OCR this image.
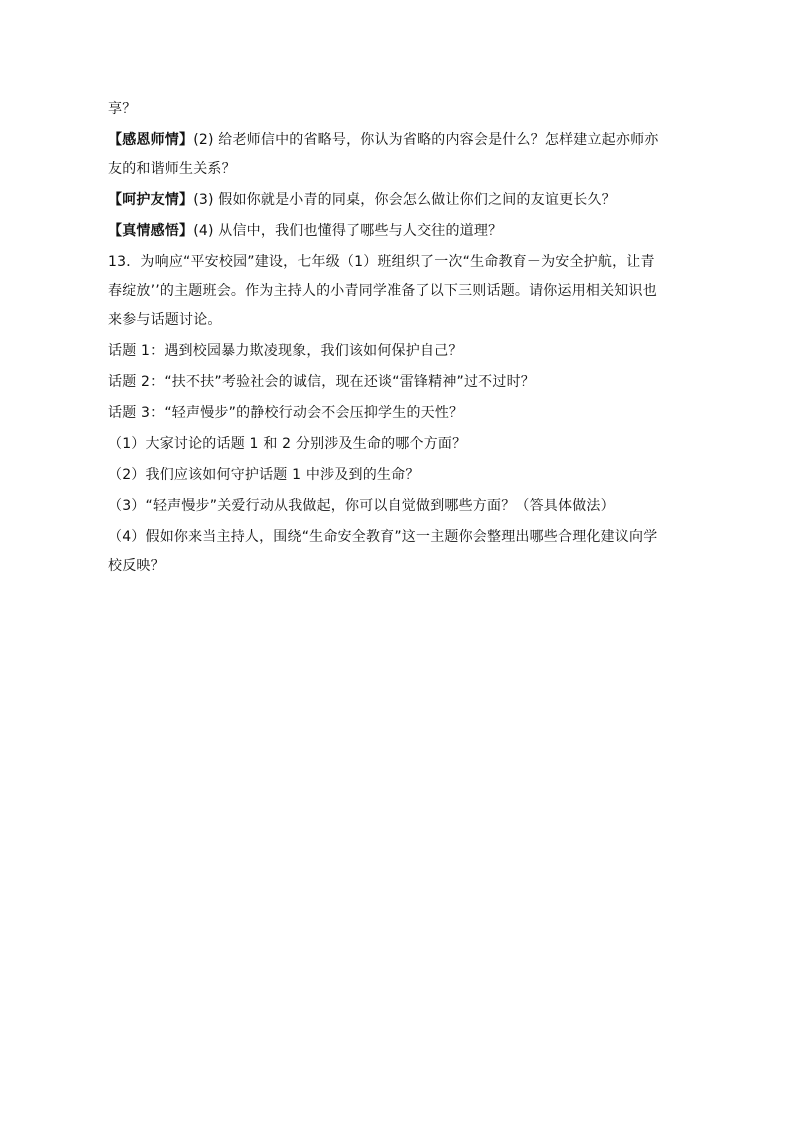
享？
【感恩师情】(2) 给老师信中的省略号，你认为省略的内容会是什么？怎样建立起亦师亦
友的和谐师生关系？
【呵护友情】(3) 假如你就是小青的同桌，你会怎么做让你们之间的友谊更长久？
【真情感悟】(4) 从信中，我们也懂得了哪些与人交往的道理？
13．为响应“平安校园”建设，七年级（1）班组织了一次“生命教育－为安全护航，让青
春绽放’’的主题班会。作为主持人的小青同学准备了以下三则话题。请你运用相关知识也
来参与话题讨论。
话题 1：遇到校园暴力欺凌现象，我们该如何保护自己？
话题 2：“扶不扶”考验社会的诚信，现在还谈“雷锋精神”过不过时？
话题 3：“轻声慢步”的静校行动会不会压抑学生的天性？
（1）大家讨论的话题 1 和 2 分别涉及生命的哪个方面？
（2）我们应该如何守护话题 1 中涉及到的生命？
（3）“轻声慢步”关爱行动从我做起，你可以自觉做到哪些方面？（答具体做法）
（4）假如你来当主持人，围绕“生命安全教育”这一主题你会整理出哪些合理化建议向学
校反映？
